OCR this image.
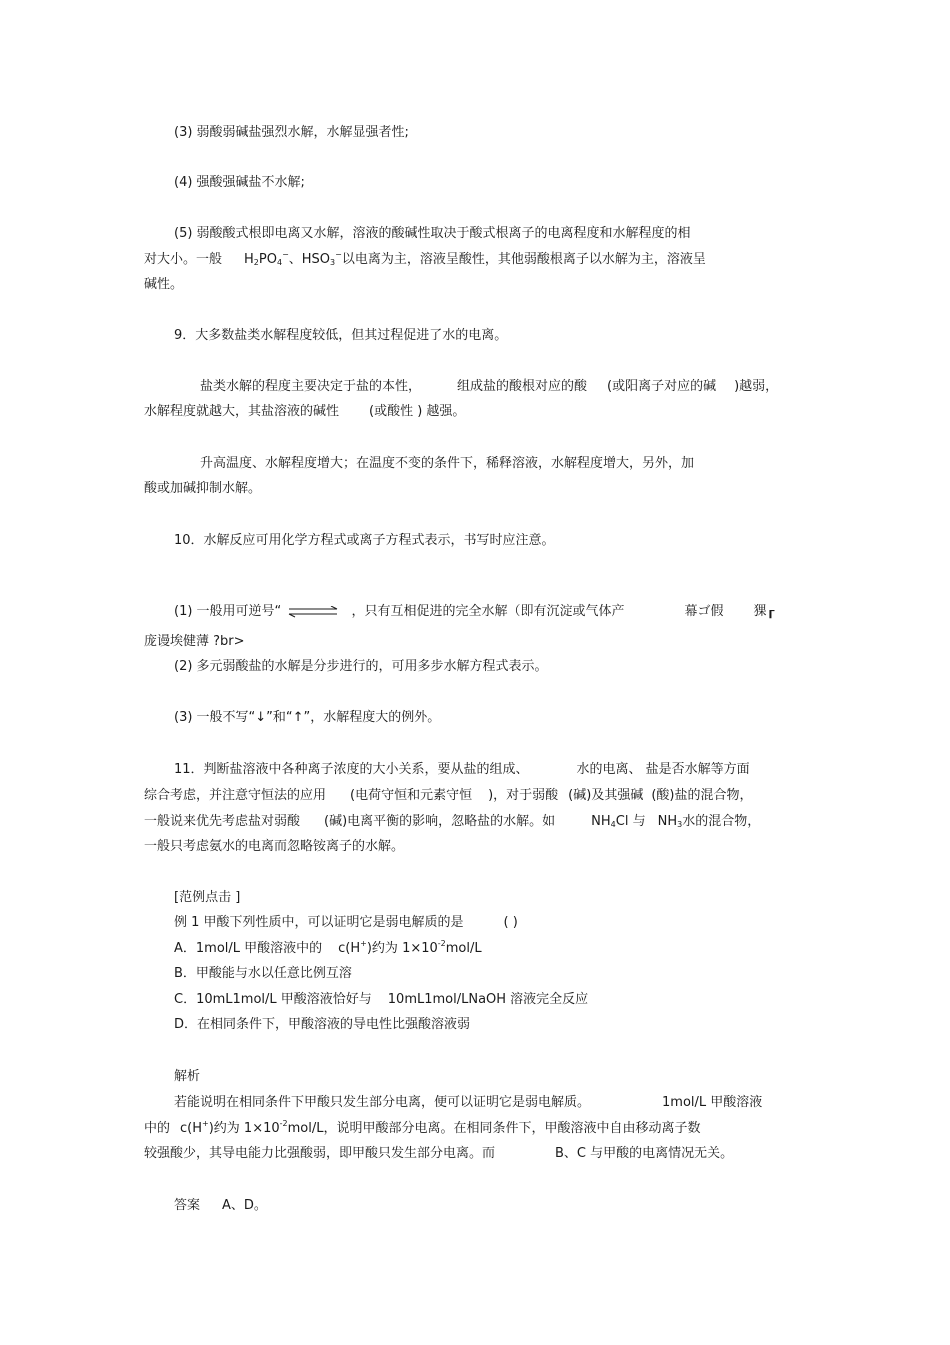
(3) 弱酸弱碱盐强烈水解，水解显强者性;
(4) 强酸强碱盐不水解;
(5) 弱酸酸式根即电离又水解，溶液的酸碱性取决于酸式根离子的电离程度和水解程度的相
对大小。一般 $H_2PO_4^-$、$HSO_3^-$以电离为主，溶液呈酸性，其他弱酸根离子以水解为主，溶液呈
碱性。
9．大多数盐类水解程度较低，但其过程促进了水的电离。
盐类水解的程度主要决定于盐的本性，	组成盐的酸根对应的酸 (或阳离子对应的碱 )越弱，
水解程度就越大，其盐溶液的碱性 (或酸性 ) 越强。
升高温度、水解程度增大；在温度不变的条件下，稀释溶液，水解程度增大，另外，加
酸或加碱抑制水解。
10．水解反应可用化学方程式或离子方程式表示，书写时应注意。
(1) 一般用可逆号“ ⇌ ，只有互相促进的完全水解（即有沉淀或气体产	幕ゴ假 猓┎
庞谩埃健薄 ?br>
(2) 多元弱酸盐的水解是分步进行的，可用多步水解方程式表示。
(3) 一般不写“↓”和“↑”，水解程度大的例外。
11．判断盐溶液中各种离子浓度的大小关系，要从盐的组成、	水的电离、 盐是否水解等方面
综合考虑，并注意守恒法的应用 (电荷守恒和元素守恒 )，对于弱酸 (碱)及其强碱 (酸)盐的混合物，
一般说来优先考虑盐对弱酸 (碱)电离平衡的影响，忽略盐的水解。如	$NH_4Cl$ 与 $NH_3$水的混合物，
一般只考虑氨水的电离而忽略铵离子的水解。
[范例点击 ]
例 1 甲酸下列性质中，可以证明它是弱电解质的是	( )
A．1mol/L 甲酸溶液中的 c(H+)约为 $1\times 10^{-2}mol/L$
B．甲酸能与水以任意比例互溶
C．10mL1mol/L 甲酸溶液恰好与 10mL1mol/LNaOH 溶液完全反应
D．在相同条件下，甲酸溶液的导电性比强酸溶液弱
解析
若能说明在相同条件下甲酸只发生部分电离，便可以证明它是弱电解质。	1mol/L 甲酸溶液
中的 c(H+)约为 $1\times 10^{-2}mol/L$，说明甲酸部分电离。在相同条件下，甲酸溶液中自由移动离子数
较强酸少，其导电能力比强酸弱，即甲酸只发生部分电离。而	B、C 与甲酸的电离情况无关。
答案 A、D。
